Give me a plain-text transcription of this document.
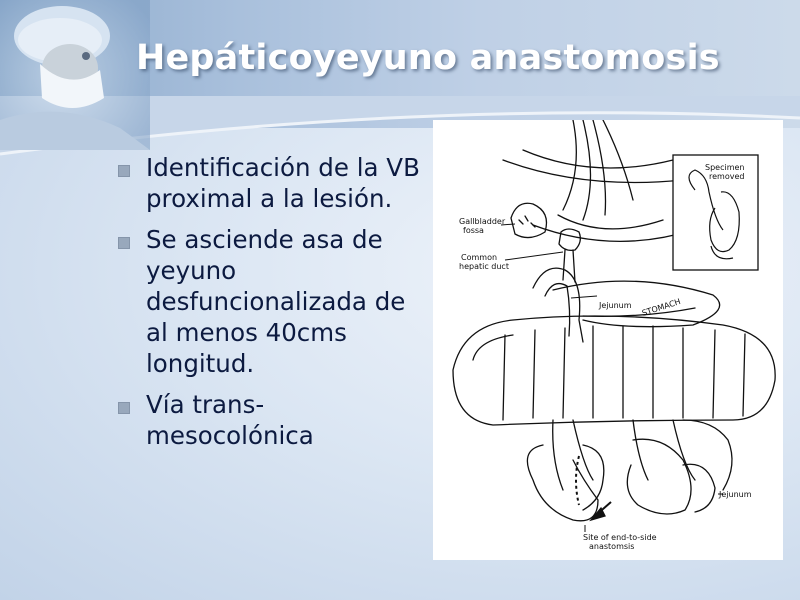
Hepáticoyeyuno anastomosis
Identificación de la VB proximal a la lesión.
Se asciende asa de yeyuno desfuncionalizada de al menos 40cms longitud.
Vía trans-mesocolónica
Specimen
removed
Gallbladder
fossa
Common
hepatic duct
Jejunum STOMACH
Jejunum
Site of end-to-side
anastomsis
